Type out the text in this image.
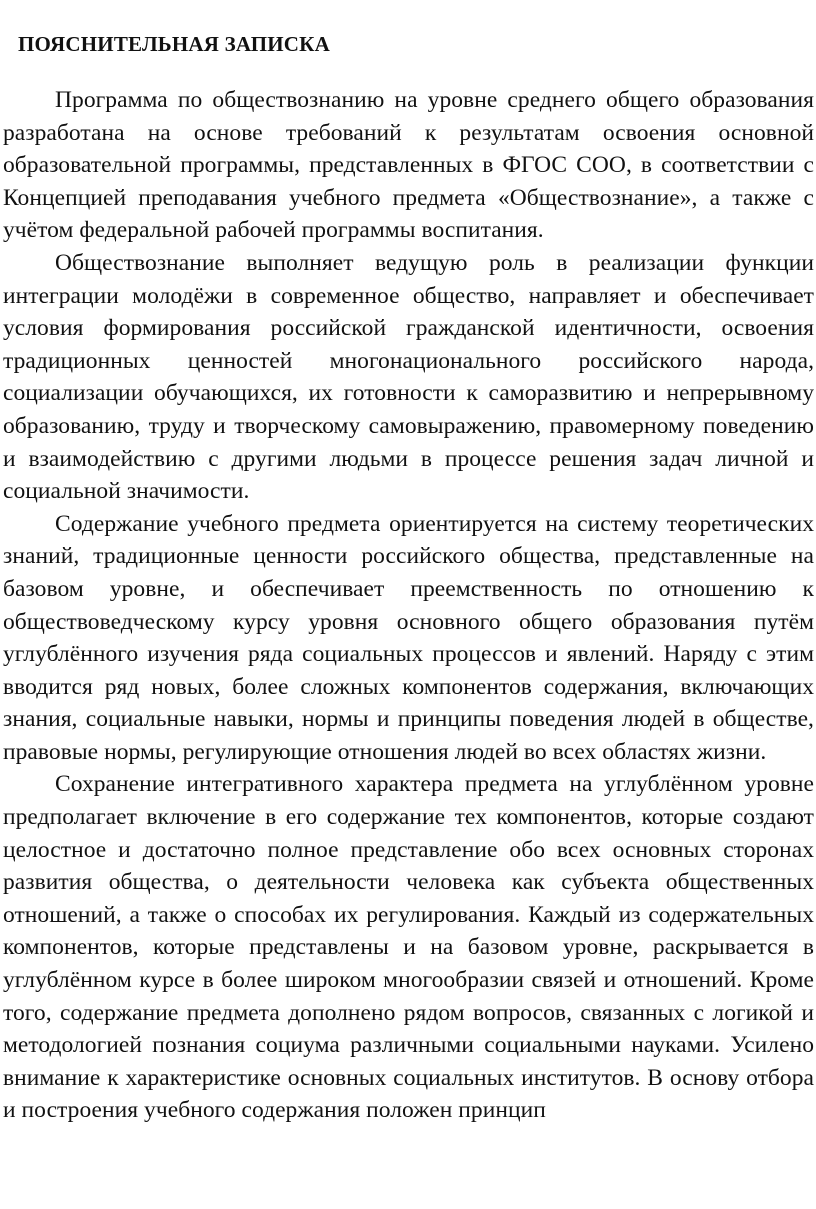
ПОЯСНИТЕЛЬНАЯ ЗАПИСКА

Программа по обществознанию на уровне среднего общего образования разработана на основе требований к результатам освоения основной образовательной программы, представленных в ФГОС СОО, в соответствии с Концепцией преподавания учебного предмета «Обществознание», а также с учётом федеральной рабочей программы воспитания.

Обществознание выполняет ведущую роль в реализации функции интеграции молодёжи в современное общество, направляет и обеспечивает условия формирования российской гражданской идентичности, освоения традиционных ценностей многонационального российского народа, социализации обучающихся, их готовности к саморазвитию и непрерывному образованию, труду и творческому самовыражению, правомерному поведению и взаимодействию с другими людьми в процессе решения задач личной и социальной значимости.

Содержание учебного предмета ориентируется на систему теоретических знаний, традиционные ценности российского общества, представленные на базовом уровне, и обеспечивает преемственность по отношению к обществоведческому курсу уровня основного общего образования путём углублённого изучения ряда социальных процессов и явлений. Наряду с этим вводится ряд новых, более сложных компонентов содержания, включающих знания, социальные навыки, нормы и принципы поведения людей в обществе, правовые нормы, регулирующие отношения людей во всех областях жизни.

Сохранение интегративного характера предмета на углублённом уровне предполагает включение в его содержание тех компонентов, которые создают целостное и достаточно полное представление обо всех основных сторонах развития общества, о деятельности человека как субъекта общественных отношений, а также о способах их регулирования. Каждый из содержательных компонентов, которые представлены и на базовом уровне, раскрывается в углублённом курсе в более широком многообразии связей и отношений. Кроме того, содержание предмета дополнено рядом вопросов, связанных с логикой и методологией познания социума различными социальными науками. Усилено внимание к характеристике основных социальных институтов. В основу отбора и построения учебного содержания положен принцип
